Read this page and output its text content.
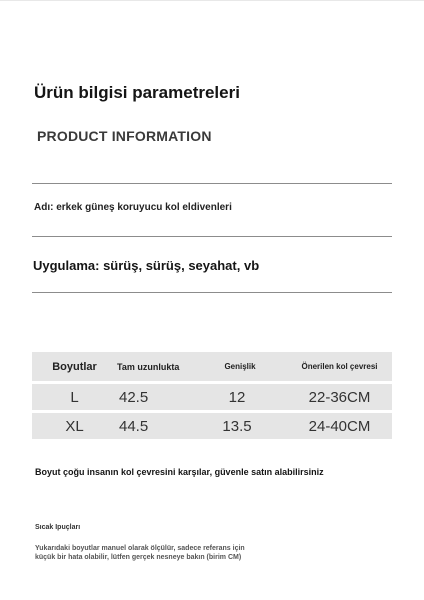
Ürün bilgisi parametreleri
PRODUCT INFORMATION
Adı: erkek güneş koruyucu kol eldivenleri
Uygulama: sürüş, sürüş, seyahat, vb
Boyutlar	Tam uzunlukta	Genişlik	Önerilen kol çevresi
L	42.5	12	22-36CM
XL	44.5	13.5	24-40CM
Boyut çoğu insanın kol çevresini karşılar, güvenle satın alabilirsiniz
Sıcak Ipuçları
Yukarıdaki boyutlar manuel olarak ölçülür, sadece referans için küçük bir hata olabilir, lütfen gerçek nesneye bakın (birim CM)
